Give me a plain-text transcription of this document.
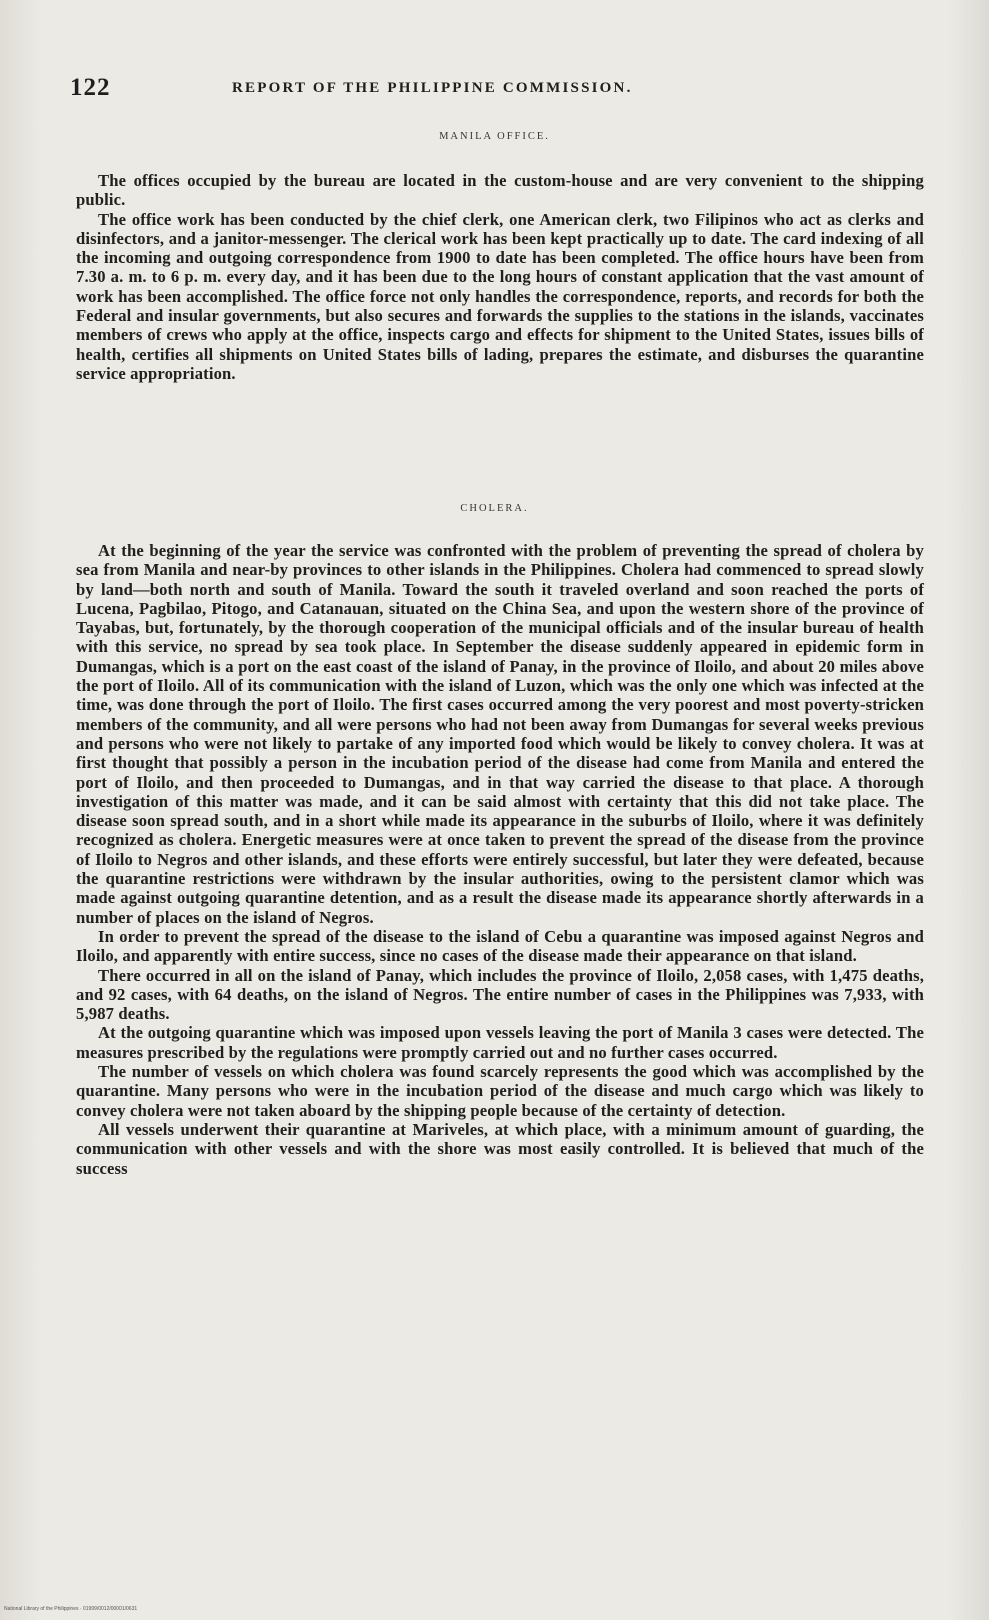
122	REPORT OF THE PHILIPPINE COMMISSION.
MANILA OFFICE.

The offices occupied by the bureau are located in the custom-house and are very convenient to the shipping public.

The office work has been conducted by the chief clerk, one American clerk, two Filipinos who act as clerks and disinfectors, and a janitor-messenger. The clerical work has been kept practically up to date. The card indexing of all the incoming and outgoing correspondence from 1900 to date has been completed. The office hours have been from 7.30 a. m. to 6 p. m. every day, and it has been due to the long hours of constant application that the vast amount of work has been accomplished. The office force not only handles the correspondence, reports, and records for both the Federal and insular governments, but also secures and forwards the supplies to the stations in the islands, vaccinates members of crews who apply at the office, inspects cargo and effects for shipment to the United States, issues bills of health, certifies all shipments on United States bills of lading, prepares the estimate, and disburses the quarantine service appropriation.

CHOLERA.

At the beginning of the year the service was confronted with the problem of preventing the spread of cholera by sea from Manila and near-by provinces to other islands in the Philippines. Cholera had commenced to spread slowly by land—both north and south of Manila. Toward the south it traveled overland and soon reached the ports of Lucena, Pagbilao, Pitogo, and Catanauan, situated on the China Sea, and upon the western shore of the province of Tayabas, but, fortunately, by the thorough cooperation of the municipal officials and of the insular bureau of health with this service, no spread by sea took place. In September the disease suddenly appeared in epidemic form in Dumangas, which is a port on the east coast of the island of Panay, in the province of Iloilo, and about 20 miles above the port of Iloilo. All of its communication with the island of Luzon, which was the only one which was infected at the time, was done through the port of Iloilo. The first cases occurred among the very poorest and most poverty-stricken members of the community, and all were persons who had not been away from Dumangas for several weeks previous and persons who were not likely to partake of any imported food which would be likely to convey cholera. It was at first thought that possibly a person in the incubation period of the disease had come from Manila and entered the port of Iloilo, and then proceeded to Dumangas, and in that way carried the disease to that place. A thorough investigation of this matter was made, and it can be said almost with certainty that this did not take place. The disease soon spread south, and in a short while made its appearance in the suburbs of Iloilo, where it was definitely recognized as cholera. Energetic measures were at once taken to prevent the spread of the disease from the province of Iloilo to Negros and other islands, and these efforts were entirely successful, but later they were defeated, because the quarantine restrictions were withdrawn by the insular authorities, owing to the persistent clamor which was made against outgoing quarantine detention, and as a result the disease made its appearance shortly afterwards in a number of places on the island of Negros.

In order to prevent the spread of the disease to the island of Cebu a quarantine was imposed against Negros and Iloilo, and apparently with entire success, since no cases of the disease made their appearance on that island.

There occurred in all on the island of Panay, which includes the province of Iloilo, 2,058 cases, with 1,475 deaths, and 92 cases, with 64 deaths, on the island of Negros. The entire number of cases in the Philippines was 7,933, with 5,987 deaths.

At the outgoing quarantine which was imposed upon vessels leaving the port of Manila 3 cases were detected. The measures prescribed by the regulations were promptly carried out and no further cases occurred.

The number of vessels on which cholera was found scarcely represents the good which was accomplished by the quarantine. Many persons who were in the incubation period of the disease and much cargo which was likely to convey cholera were not taken aboard by the shipping people because of the certainty of detection.

All vessels underwent their quarantine at Mariveles, at which place, with a minimum amount of guarding, the communication with other vessels and with the shore was most easily controlled. It is believed that much of the success

National Library of the Philippines · 01999/0012/00001/0631
